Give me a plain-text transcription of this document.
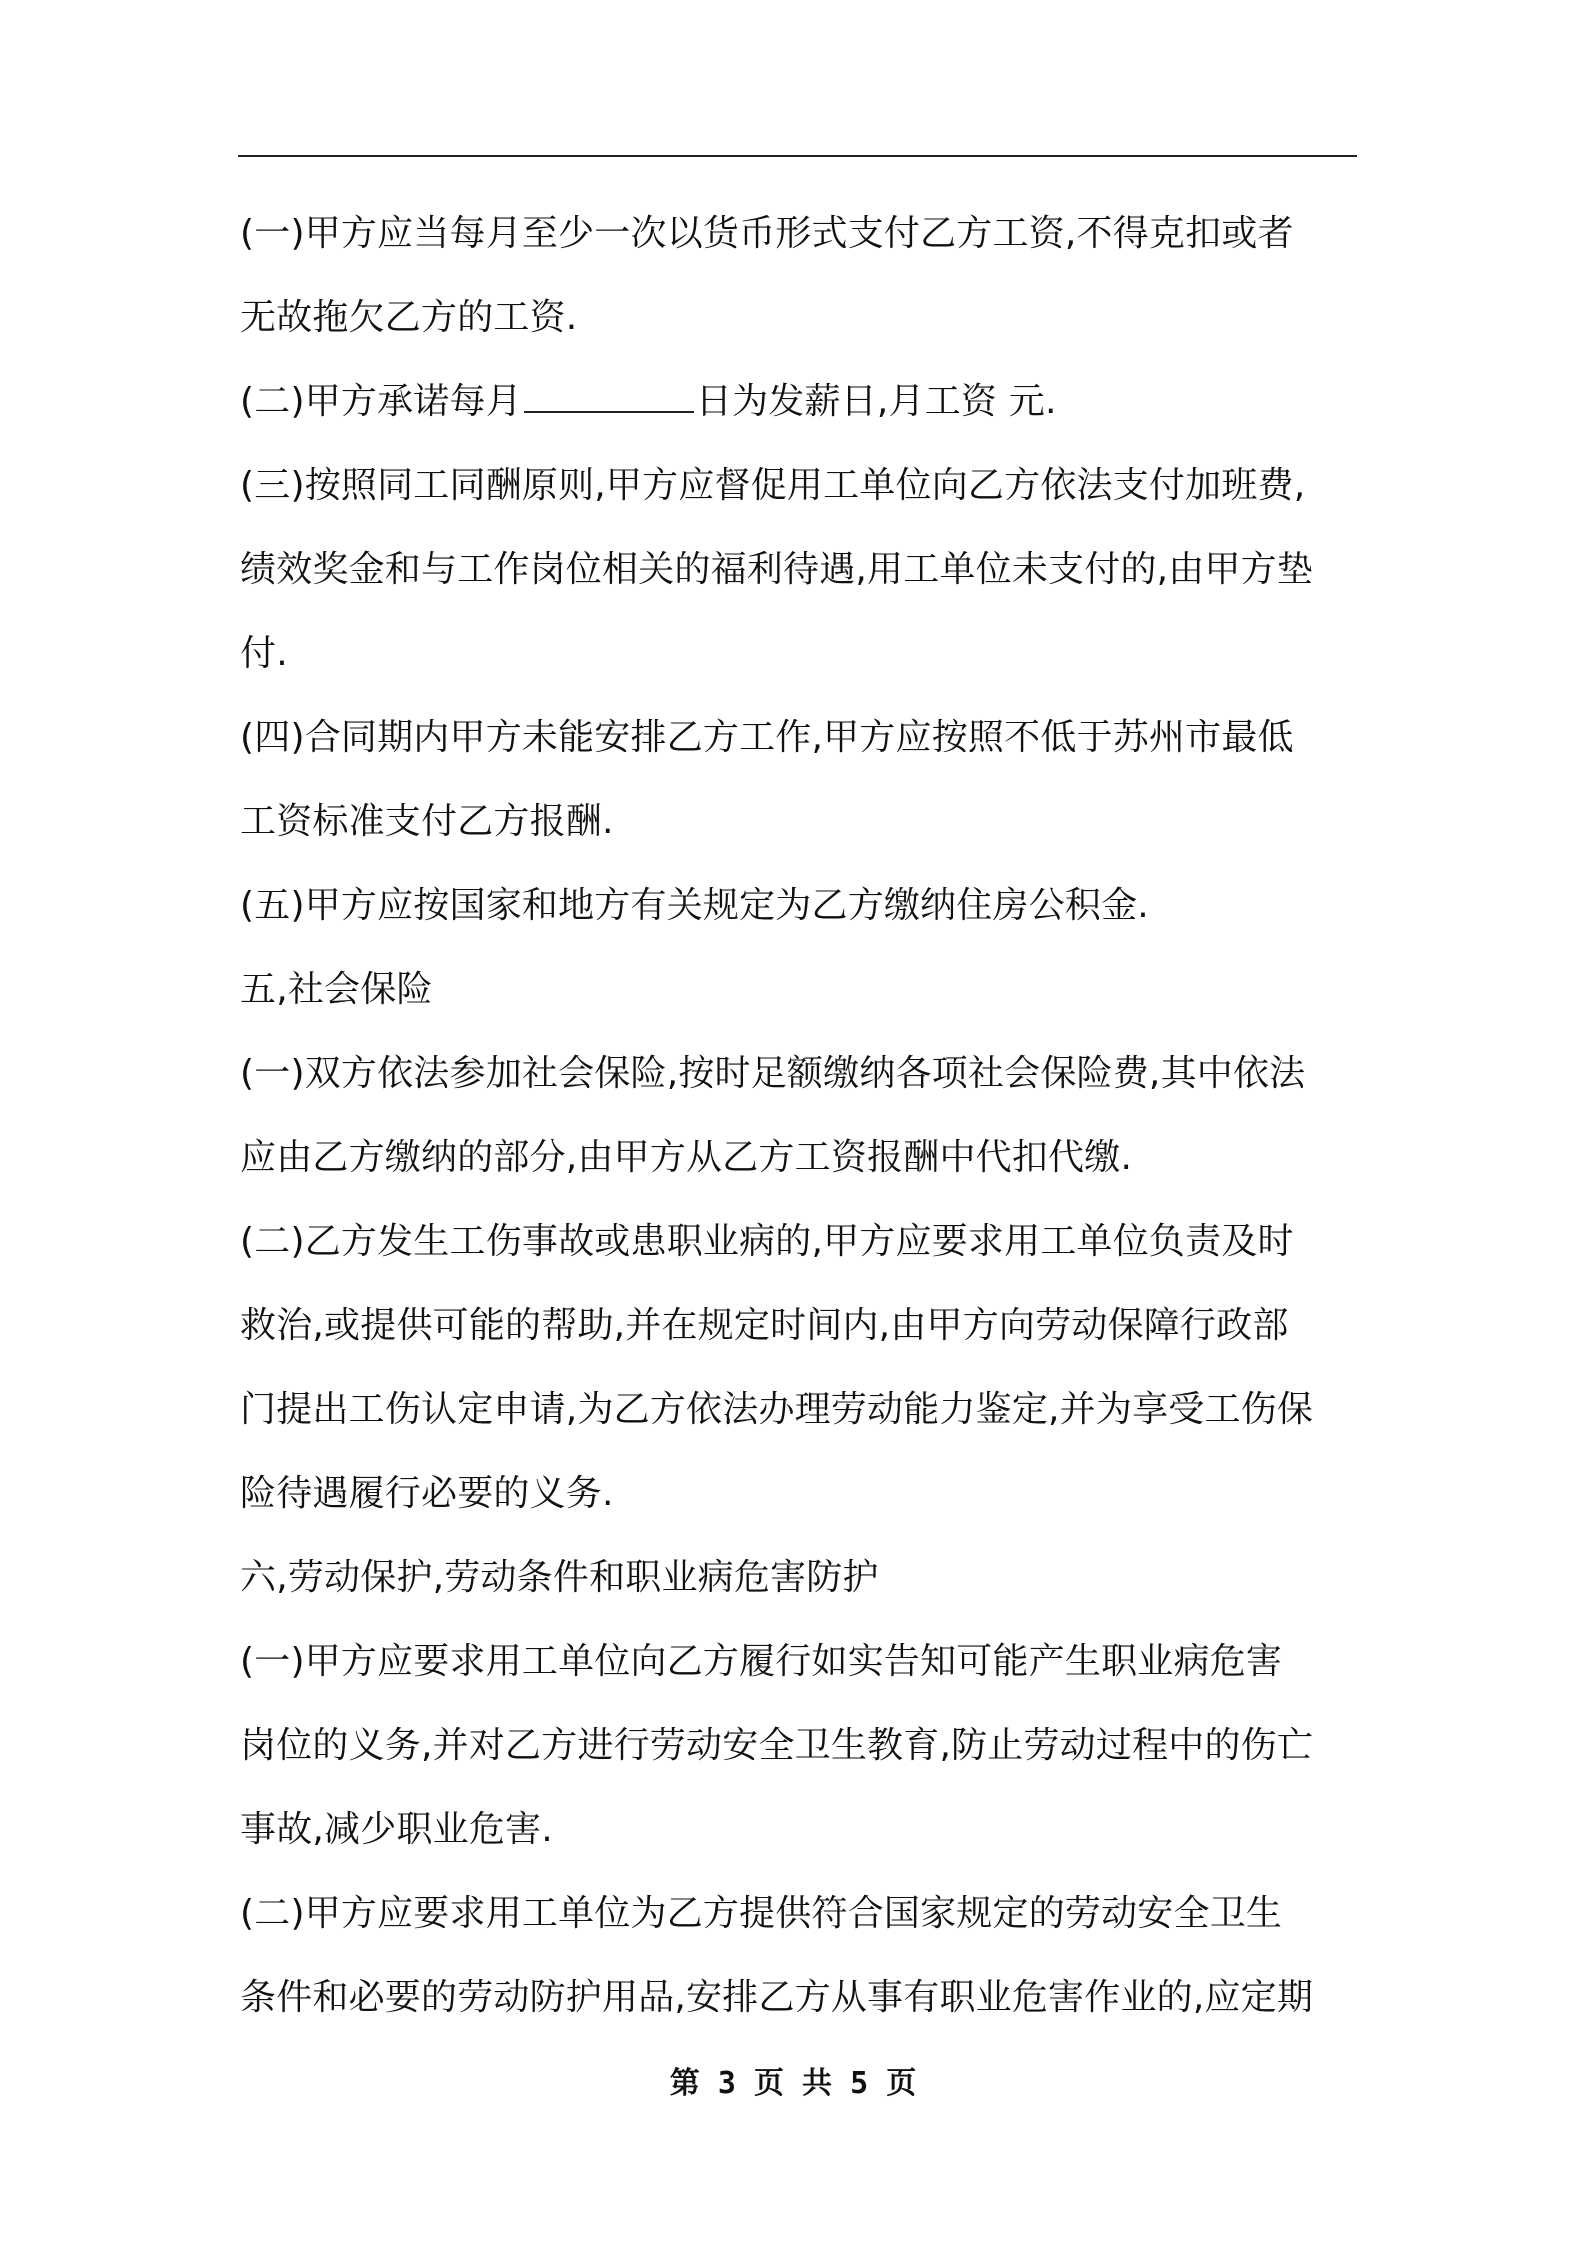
(一)甲方应当每月至少一次以货币形式支付乙方工资,不得克扣或者
无故拖欠乙方的工资.
(二)甲方承诺每月	日为发薪日,月工资 元.
(三)按照同工同酬原则,甲方应督促用工单位向乙方依法支付加班费,
绩效奖金和与工作岗位相关的福利待遇,用工单位未支付的,由甲方垫
付.
(四)合同期内甲方未能安排乙方工作,甲方应按照不低于苏州市最低
工资标准支付乙方报酬.
(五)甲方应按国家和地方有关规定为乙方缴纳住房公积金.
五,社会保险
(一)双方依法参加社会保险,按时足额缴纳各项社会保险费,其中依法
应由乙方缴纳的部分,由甲方从乙方工资报酬中代扣代缴.
(二)乙方发生工伤事故或患职业病的,甲方应要求用工单位负责及时
救治,或提供可能的帮助,并在规定时间内,由甲方向劳动保障行政部
门提出工伤认定申请,为乙方依法办理劳动能力鉴定,并为享受工伤保
险待遇履行必要的义务.
六,劳动保护,劳动条件和职业病危害防护
(一)甲方应要求用工单位向乙方履行如实告知可能产生职业病危害
岗位的义务,并对乙方进行劳动安全卫生教育,防止劳动过程中的伤亡
事故,减少职业危害.
(二)甲方应要求用工单位为乙方提供符合国家规定的劳动安全卫生
条件和必要的劳动防护用品,安排乙方从事有职业危害作业的,应定期
第 3 页 共 5 页
